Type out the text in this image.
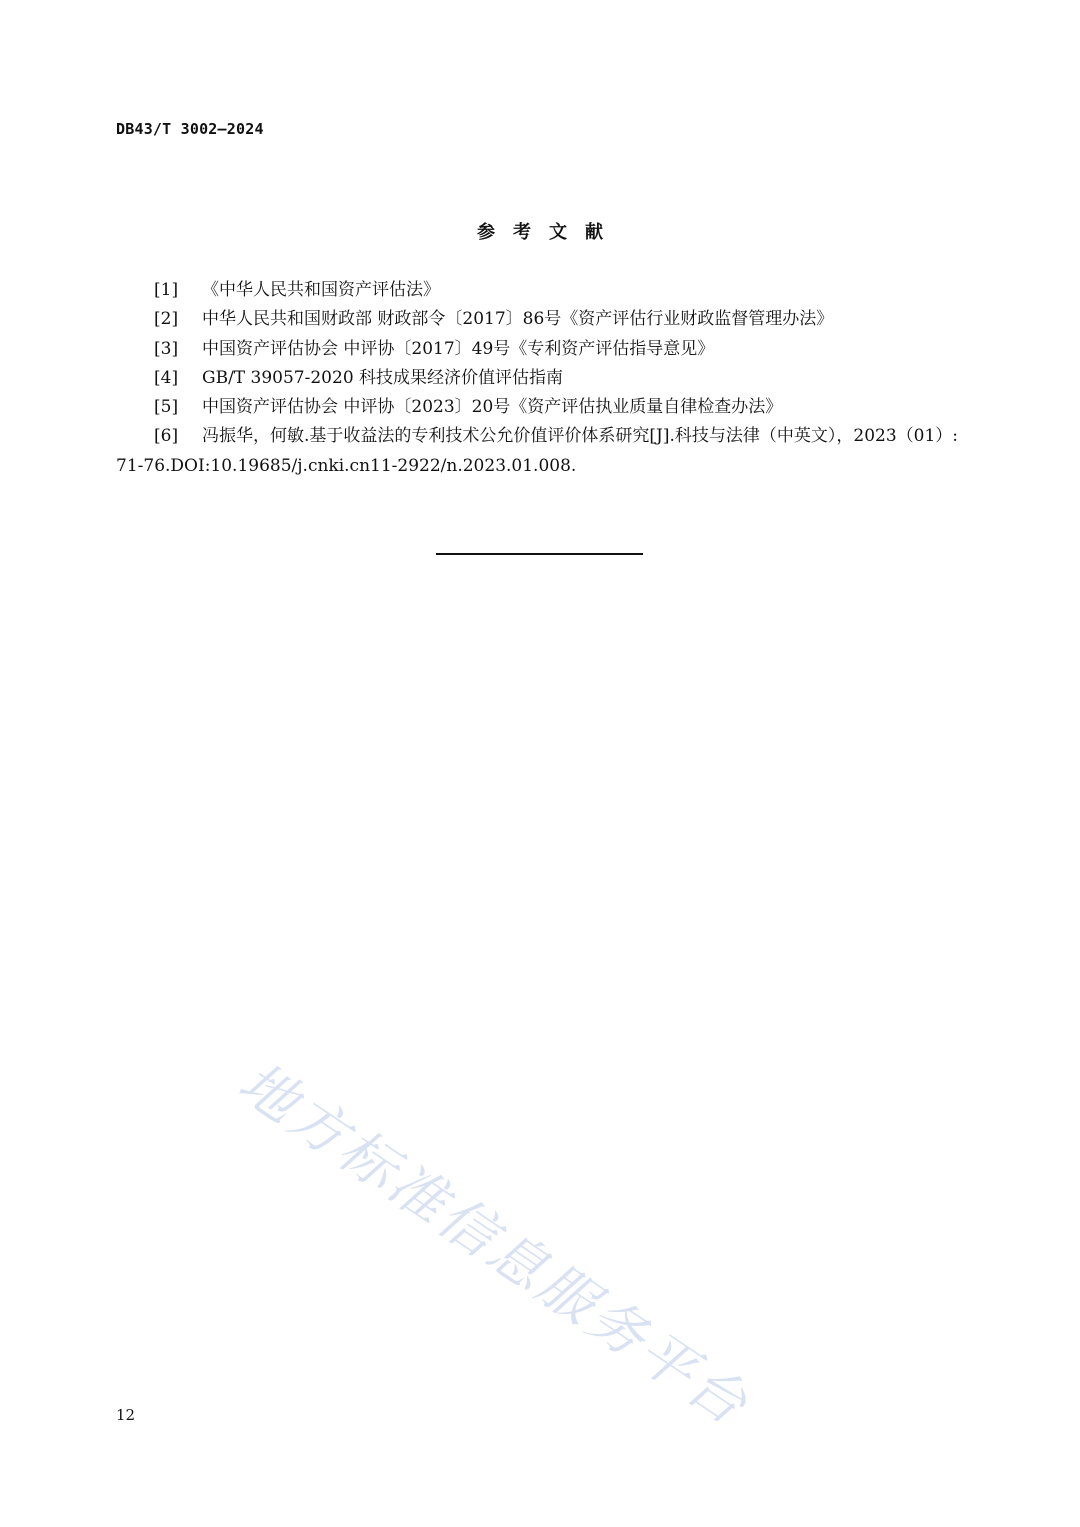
DB43/T 3002—2024
参考文献

[1] 《中华人民共和国资产评估法》

[2] 中华人民共和国财政部 财政部令〔2017〕86号《资产评估行业财政监督管理办法》

[3] 中国资产评估协会 中评协〔2017〕49号《专利资产评估指导意见》

[4] GB/T 39057-2020 科技成果经济价值评估指南

[5] 中国资产评估协会 中评协〔2023〕20号《资产评估执业质量自律检查办法》

[6] 冯振华，何敏.基于收益法的专利技术公允价值评价体系研究[J].科技与法律（中英文），2023（01）:71-76.DOI:10.19685/j.cnki.cn11-2922/n.2023.01.008.

地方标准信息服务平台
12
